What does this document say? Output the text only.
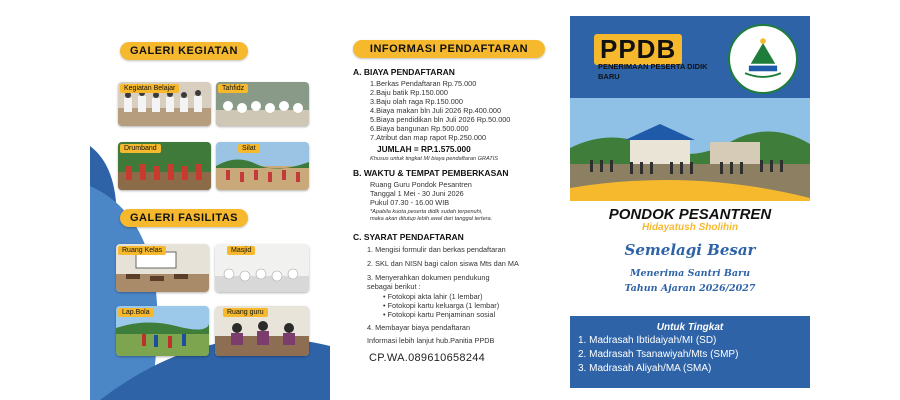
GALERI KEGIATAN
Kegiatan Belajar	Tahfidz
Drumband	Silat
GALERI FASILITAS
Ruang Kelas	Masjid
Lap.Bola	Ruang guru
INFORMASI PENDAFTARAN
A. BIAYA PENDAFTARAN
1.Berkas Pendaftaran Rp.75.000
2.Baju batik Rp.150.000
3.Baju olah raga Rp.150.000
4.Biaya makan bln Juli 2026 Rp.400.000
5.Biaya pendidikan bln Juli 2026 Rp.50.000
6.Biaya bangunan Rp.500.000
7.Atribut dan map rapot Rp.250.000
JUMLAH = RP.1.575.000
Khusus untuk tingkat MI biaya pendaftaran GRATIS
B. WAKTU & TEMPAT PEMBERKASAN
Ruang Guru Pondok Pesantren
Tanggal 1 Mei - 30 Juni 2026
Pukul 07.30 - 16.00 WIB
*Apabila kuota peserta didik sudah terpenuhi,
maka akan ditutup lebih awal dari tanggal tertera.
C. SYARAT PENDAFTARAN
1. Mengisi formulir dan berkas pendaftaran
2. SKL dan NISN bagi calon siswa Mts dan MA
3. Menyerahkan dokumen pendukung
sebagai berikut :
• Fotokopi akta lahir (1 lembar)
• Fotokopi kartu keluarga (1 lembar)
• Fotokopi kartu Penjaminan sosial
4. Membayar biaya pendaftaran
Informasi lebih lanjut hub.Panitia PPDB
CP.WA.089610658244
PPDB
PENERIMAAN PESERTA DIDIK BARU
PONDOK PESANTREN
Hidayatush Sholihin
Semelagi Besar
Menerima Santri Baru
Tahun Ajaran 2026/2027
Untuk Tingkat
1. Madrasah Ibtidaiyah/MI (SD)
2. Madrasah Tsanawiyah/Mts (SMP)
3. Madrasah Aliyah/MA (SMA)
